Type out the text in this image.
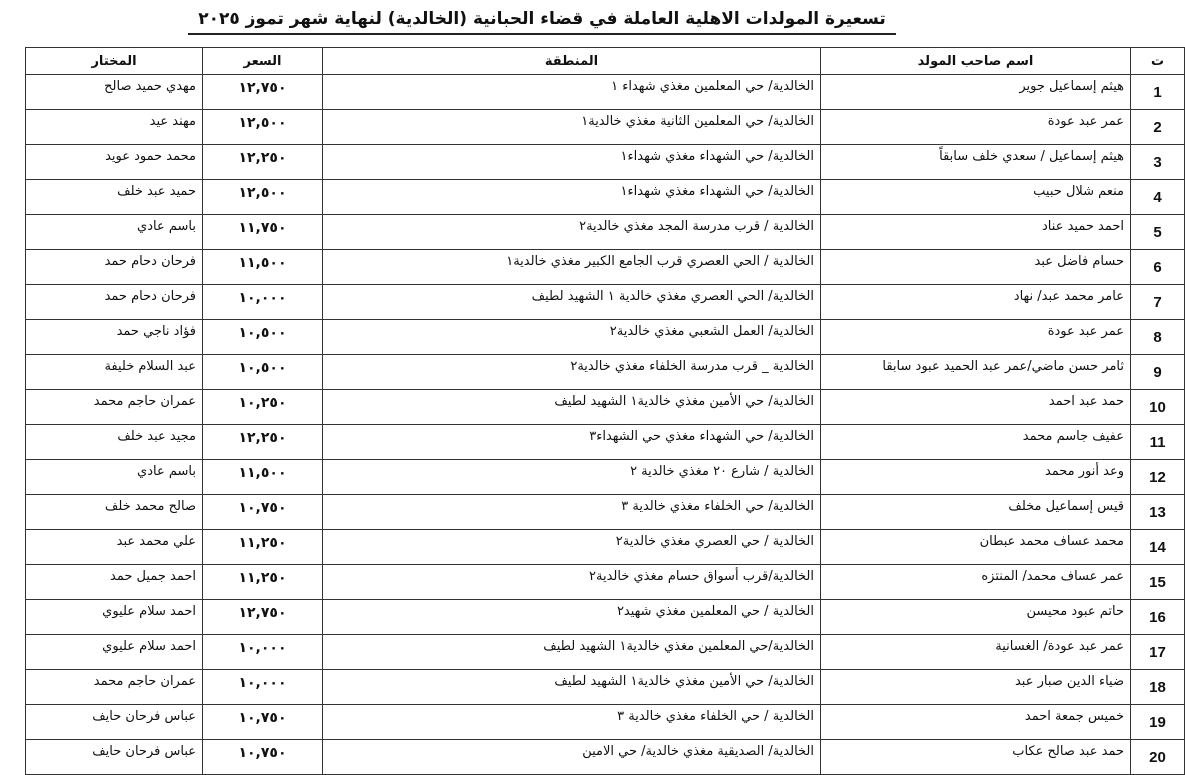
تسعيرة المولدات الاهلية العاملة في قضاء الحبانية (الخالدية) لنهاية شهر تموز ٢٠٢٥
ت	اسم صاحب المولد	المنطقة	السعر	المختار
1	هيثم إسماعيل جوير	الخالدية/ حي المعلمين مغذي شهداء ١	١٢,٧٥٠	مهدي حميد صالح
2	عمر عبد عودة	الخالدية/ حي المعلمين الثانية مغذي خالدية١	١٢,٥٠٠	مهند عيد
3	هيثم إسماعيل / سعدي خلف سابقاً	الخالدية/ حي الشهداء مغذي شهداء١	١٢,٢٥٠	محمد حمود عويد
4	منعم شلال حبيب	الخالدية/ حي الشهداء مغذي شهداء١	١٢,٥٠٠	حميد عبد خلف
5	احمد حميد عناد	الخالدية / قرب مدرسة المجد مغذي خالدية٢	١١,٧٥٠	باسم عادي
6	حسام فاضل عبد	الخالدية / الحي العصري قرب الجامع الكبير مغذي خالدية١	١١,٥٠٠	فرحان دحام حمد
7	عامر محمد عبد/ نهاد	الخالدية/ الحي العصري مغذي خالدية ١ الشهيد لطيف	١٠,٠٠٠	فرحان دحام حمد
8	عمر عبد عودة	الخالدية/ العمل الشعبي مغذي خالدية٢	١٠,٥٠٠	فؤاد ناجي حمد
9	ثامر حسن ماضي/عمر عبد الحميد عبود سابقا	الخالدية _ قرب مدرسة الخلفاء مغذي خالدية٢	١٠,٥٠٠	عبد السلام خليفة
10	حمد عبد احمد	الخالدية/ حي الأمين مغذي خالدية١ الشهيد لطيف	١٠,٢٥٠	عمران حاجم محمد
11	عفيف جاسم محمد	الخالدية/ حي الشهداء مغذي حي الشهداء٣	١٢,٢٥٠	مجيد عبد خلف
12	وعد أنور محمد	الخالدية / شارع ٢٠ مغذي خالدية ٢	١١,٥٠٠	باسم عادي
13	قيس إسماعيل مخلف	الخالدية/ حي الخلفاء مغذي خالدية ٣	١٠,٧٥٠	صالح محمد خلف
14	محمد عساف محمد عبطان	الخالدية / حي العصري مغذي خالدية٢	١١,٢٥٠	علي محمد عبد
15	عمر عساف محمد/ المنتزه	الخالدية/قرب أسواق حسام مغذي خالدية٢	١١,٢٥٠	احمد جميل حمد
16	حاتم عبود محيسن	الخالدية / حي المعلمين مغذي شهيد٢	١٢,٧٥٠	احمد سلام عليوي
17	عمر عبد عودة/ الغسانية	الخالدية/حي المعلمين مغذي خالدية١ الشهيد لطيف	١٠,٠٠٠	احمد سلام عليوي
18	ضياء الدين صبار عبد	الخالدية/ حي الأمين مغذي خالدية١ الشهيد لطيف	١٠,٠٠٠	عمران حاجم محمد
19	خميس جمعة احمد	الخالدية / حي الخلفاء مغذي خالدية ٣	١٠,٧٥٠	عباس فرحان حايف
20	حمد عبد صالح عكاب	الخالدية/ الصديقية مغذي خالدية/ حي الامين	١٠,٧٥٠	عباس فرحان حايف
